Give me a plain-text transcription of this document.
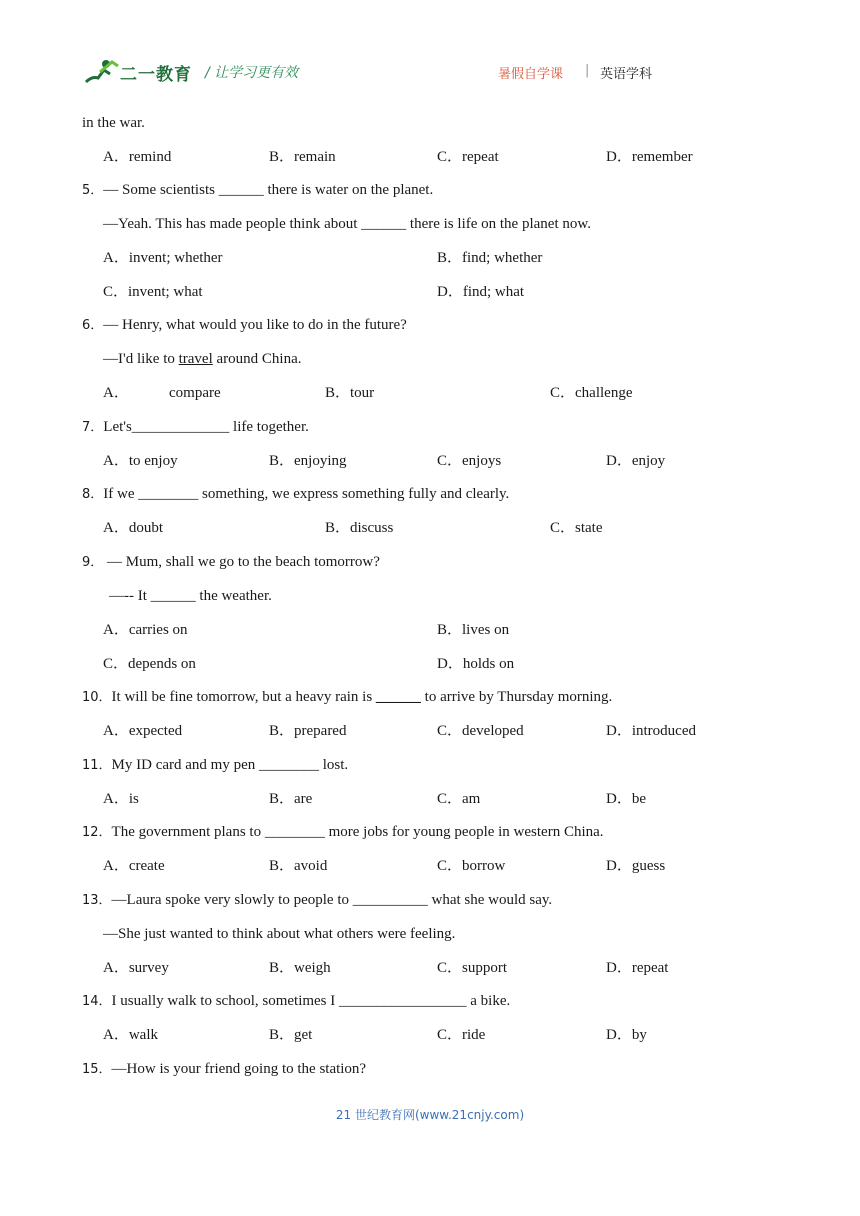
二一教育 / 让学习更有效	暑假自学课 | 英语学科
in the war.
A．remind	B．remain	C．repeat	D．remember
5．— Some scientists ______ there is water on the planet.
—Yeah. This has made people think about ______ there is life on the planet now.
A．invent; whether	B．find; whether
C．invent; what	D．find; what
6．— Henry, what would you like to do in the future?
—I'd like to travel around China.
A．	compare	B．tour	C．challenge
7．Let's_____________ life together.
A．to enjoy	B．enjoying	C．enjoys	D．enjoy
8．If we ________ something, we express something fully and clearly.
A．doubt	B．discuss	C．state
9． — Mum, shall we go to the beach tomorrow?
—-- It ______ the weather.
A．carries on	B．lives on
C．depends on	D．holds on
10．It will be fine tomorrow, but a heavy rain is ______ to arrive by Thursday morning.
A．expected	B．prepared	C．developed	D．introduced
11．My ID card and my pen ________ lost.
A．is	B．are	C．am	D．be
12．The government plans to ________ more jobs for young people in western China.
A．create	B．avoid	C．borrow	D．guess
13．—Laura spoke very slowly to people to __________ what she would say.
—She just wanted to think about what others were feeling.
A．survey	B．weigh	C．support	D．repeat
14．I usually walk to school, sometimes I _________________ a bike.
A．walk	B．get	C．ride	D．by
15．—How is your friend going to the station?
21 世纪教育网(www.21cnjy.com)
